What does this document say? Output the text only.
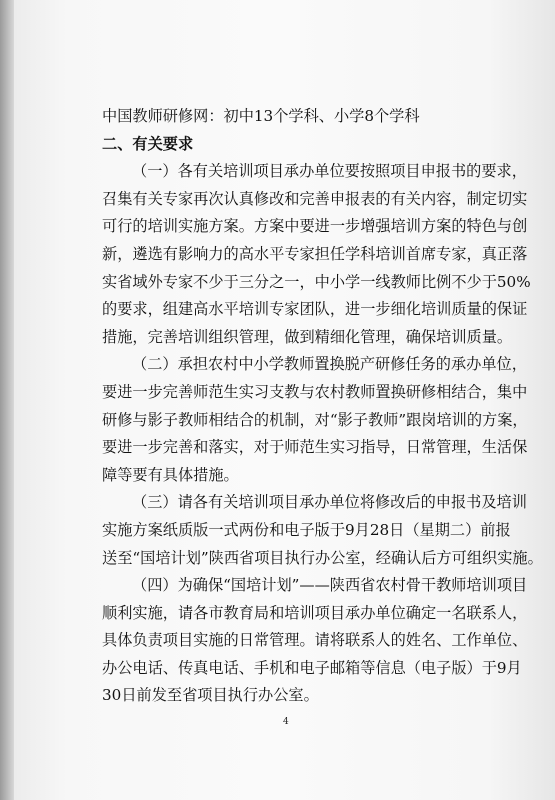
中国教师研修网：初中13个学科、小学8个学科
二、有关要求
（一）各有关培训项目承办单位要按照项目申报书的要求，
召集有关专家再次认真修改和完善申报表的有关内容，制定切实
可行的培训实施方案。方案中要进一步增强培训方案的特色与创
新，遴选有影响力的高水平专家担任学科培训首席专家，真正落
实省域外专家不少于三分之一，中小学一线教师比例不少于50%
的要求，组建高水平培训专家团队，进一步细化培训质量的保证
措施，完善培训组织管理，做到精细化管理，确保培训质量。
（二）承担农村中小学教师置换脱产研修任务的承办单位，
要进一步完善师范生实习支教与农村教师置换研修相结合，集中
研修与影子教师相结合的机制，对“影子教师”跟岗培训的方案，
要进一步完善和落实，对于师范生实习指导，日常管理，生活保
障等要有具体措施。
（三）请各有关培训项目承办单位将修改后的申报书及培训
实施方案纸质版一式两份和电子版于9月28日（星期二）前报
送至“国培计划”陕西省项目执行办公室，经确认后方可组织实施。
（四）为确保“国培计划”——陕西省农村骨干教师培训项目
顺利实施，请各市教育局和培训项目承办单位确定一名联系人，
具体负责项目实施的日常管理。请将联系人的姓名、工作单位、
办公电话、传真电话、手机和电子邮箱等信息（电子版）于9月
30日前发至省项目执行办公室。
4
